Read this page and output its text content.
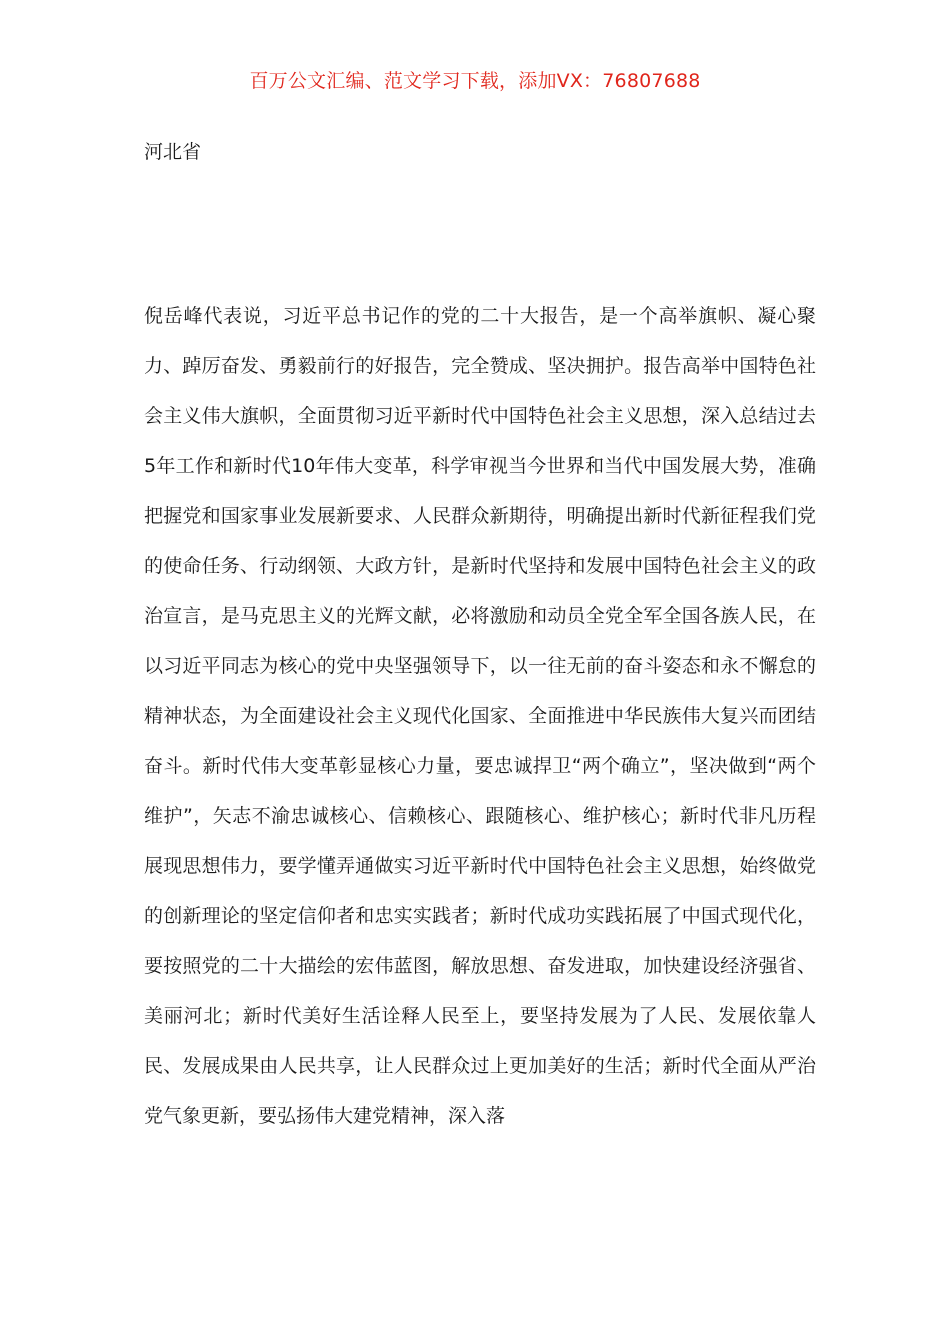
百万公文汇编、范文学习下载，添加VX：76807688
河北省

倪岳峰代表说，习近平总书记作的党的二十大报告，是一个高举旗帜、凝心聚力、踔厉奋发、勇毅前行的好报告，完全赞成、坚决拥护。报告高举中国特色社会主义伟大旗帜，全面贯彻习近平新时代中国特色社会主义思想，深入总结过去5年工作和新时代10年伟大变革，科学审视当今世界和当代中国发展大势，准确把握党和国家事业发展新要求、人民群众新期待，明确提出新时代新征程我们党的使命任务、行动纲领、大政方针，是新时代坚持和发展中国特色社会主义的政治宣言，是马克思主义的光辉文献，必将激励和动员全党全军全国各族人民，在以习近平同志为核心的党中央坚强领导下，以一往无前的奋斗姿态和永不懈怠的精神状态，为全面建设社会主义现代化国家、全面推进中华民族伟大复兴而团结奋斗。新时代伟大变革彰显核心力量，要忠诚捍卫“两个确立”，坚决做到“两个维护”，矢志不渝忠诚核心、信赖核心、跟随核心、维护核心；新时代非凡历程展现思想伟力，要学懂弄通做实习近平新时代中国特色社会主义思想，始终做党的创新理论的坚定信仰者和忠实实践者；新时代成功实践拓展了中国式现代化，要按照党的二十大描绘的宏伟蓝图，解放思想、奋发进取，加快建设经济强省、美丽河北；新时代美好生活诠释人民至上，要坚持发展为了人民、发展依靠人民、发展成果由人民共享，让人民群众过上更加美好的生活；新时代全面从严治党气象更新，要弘扬伟大建党精神，深入落
